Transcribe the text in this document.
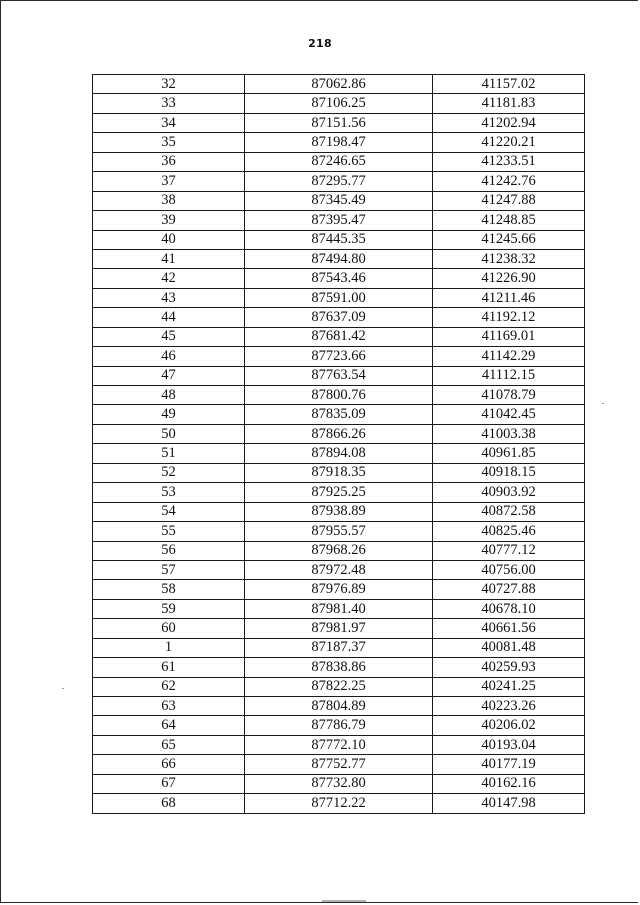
218
32	87062.86	41157.02
33	87106.25	41181.83
34	87151.56	41202.94
35	87198.47	41220.21
36	87246.65	41233.51
37	87295.77	41242.76
38	87345.49	41247.88
39	87395.47	41248.85
40	87445.35	41245.66
41	87494.80	41238.32
42	87543.46	41226.90
43	87591.00	41211.46
44	87637.09	41192.12
45	87681.42	41169.01
46	87723.66	41142.29
47	87763.54	41112.15
48	87800.76	41078.79
49	87835.09	41042.45
50	87866.26	41003.38
51	87894.08	40961.85
52	87918.35	40918.15
53	87925.25	40903.92
54	87938.89	40872.58
55	87955.57	40825.46
56	87968.26	40777.12
57	87972.48	40756.00
58	87976.89	40727.88
59	87981.40	40678.10
60	87981.97	40661.56
1	87187.37	40081.48
61	87838.86	40259.93
62	87822.25	40241.25
63	87804.89	40223.26
64	87786.79	40206.02
65	87772.10	40193.04
66	87752.77	40177.19
67	87732.80	40162.16
68	87712.22	40147.98
